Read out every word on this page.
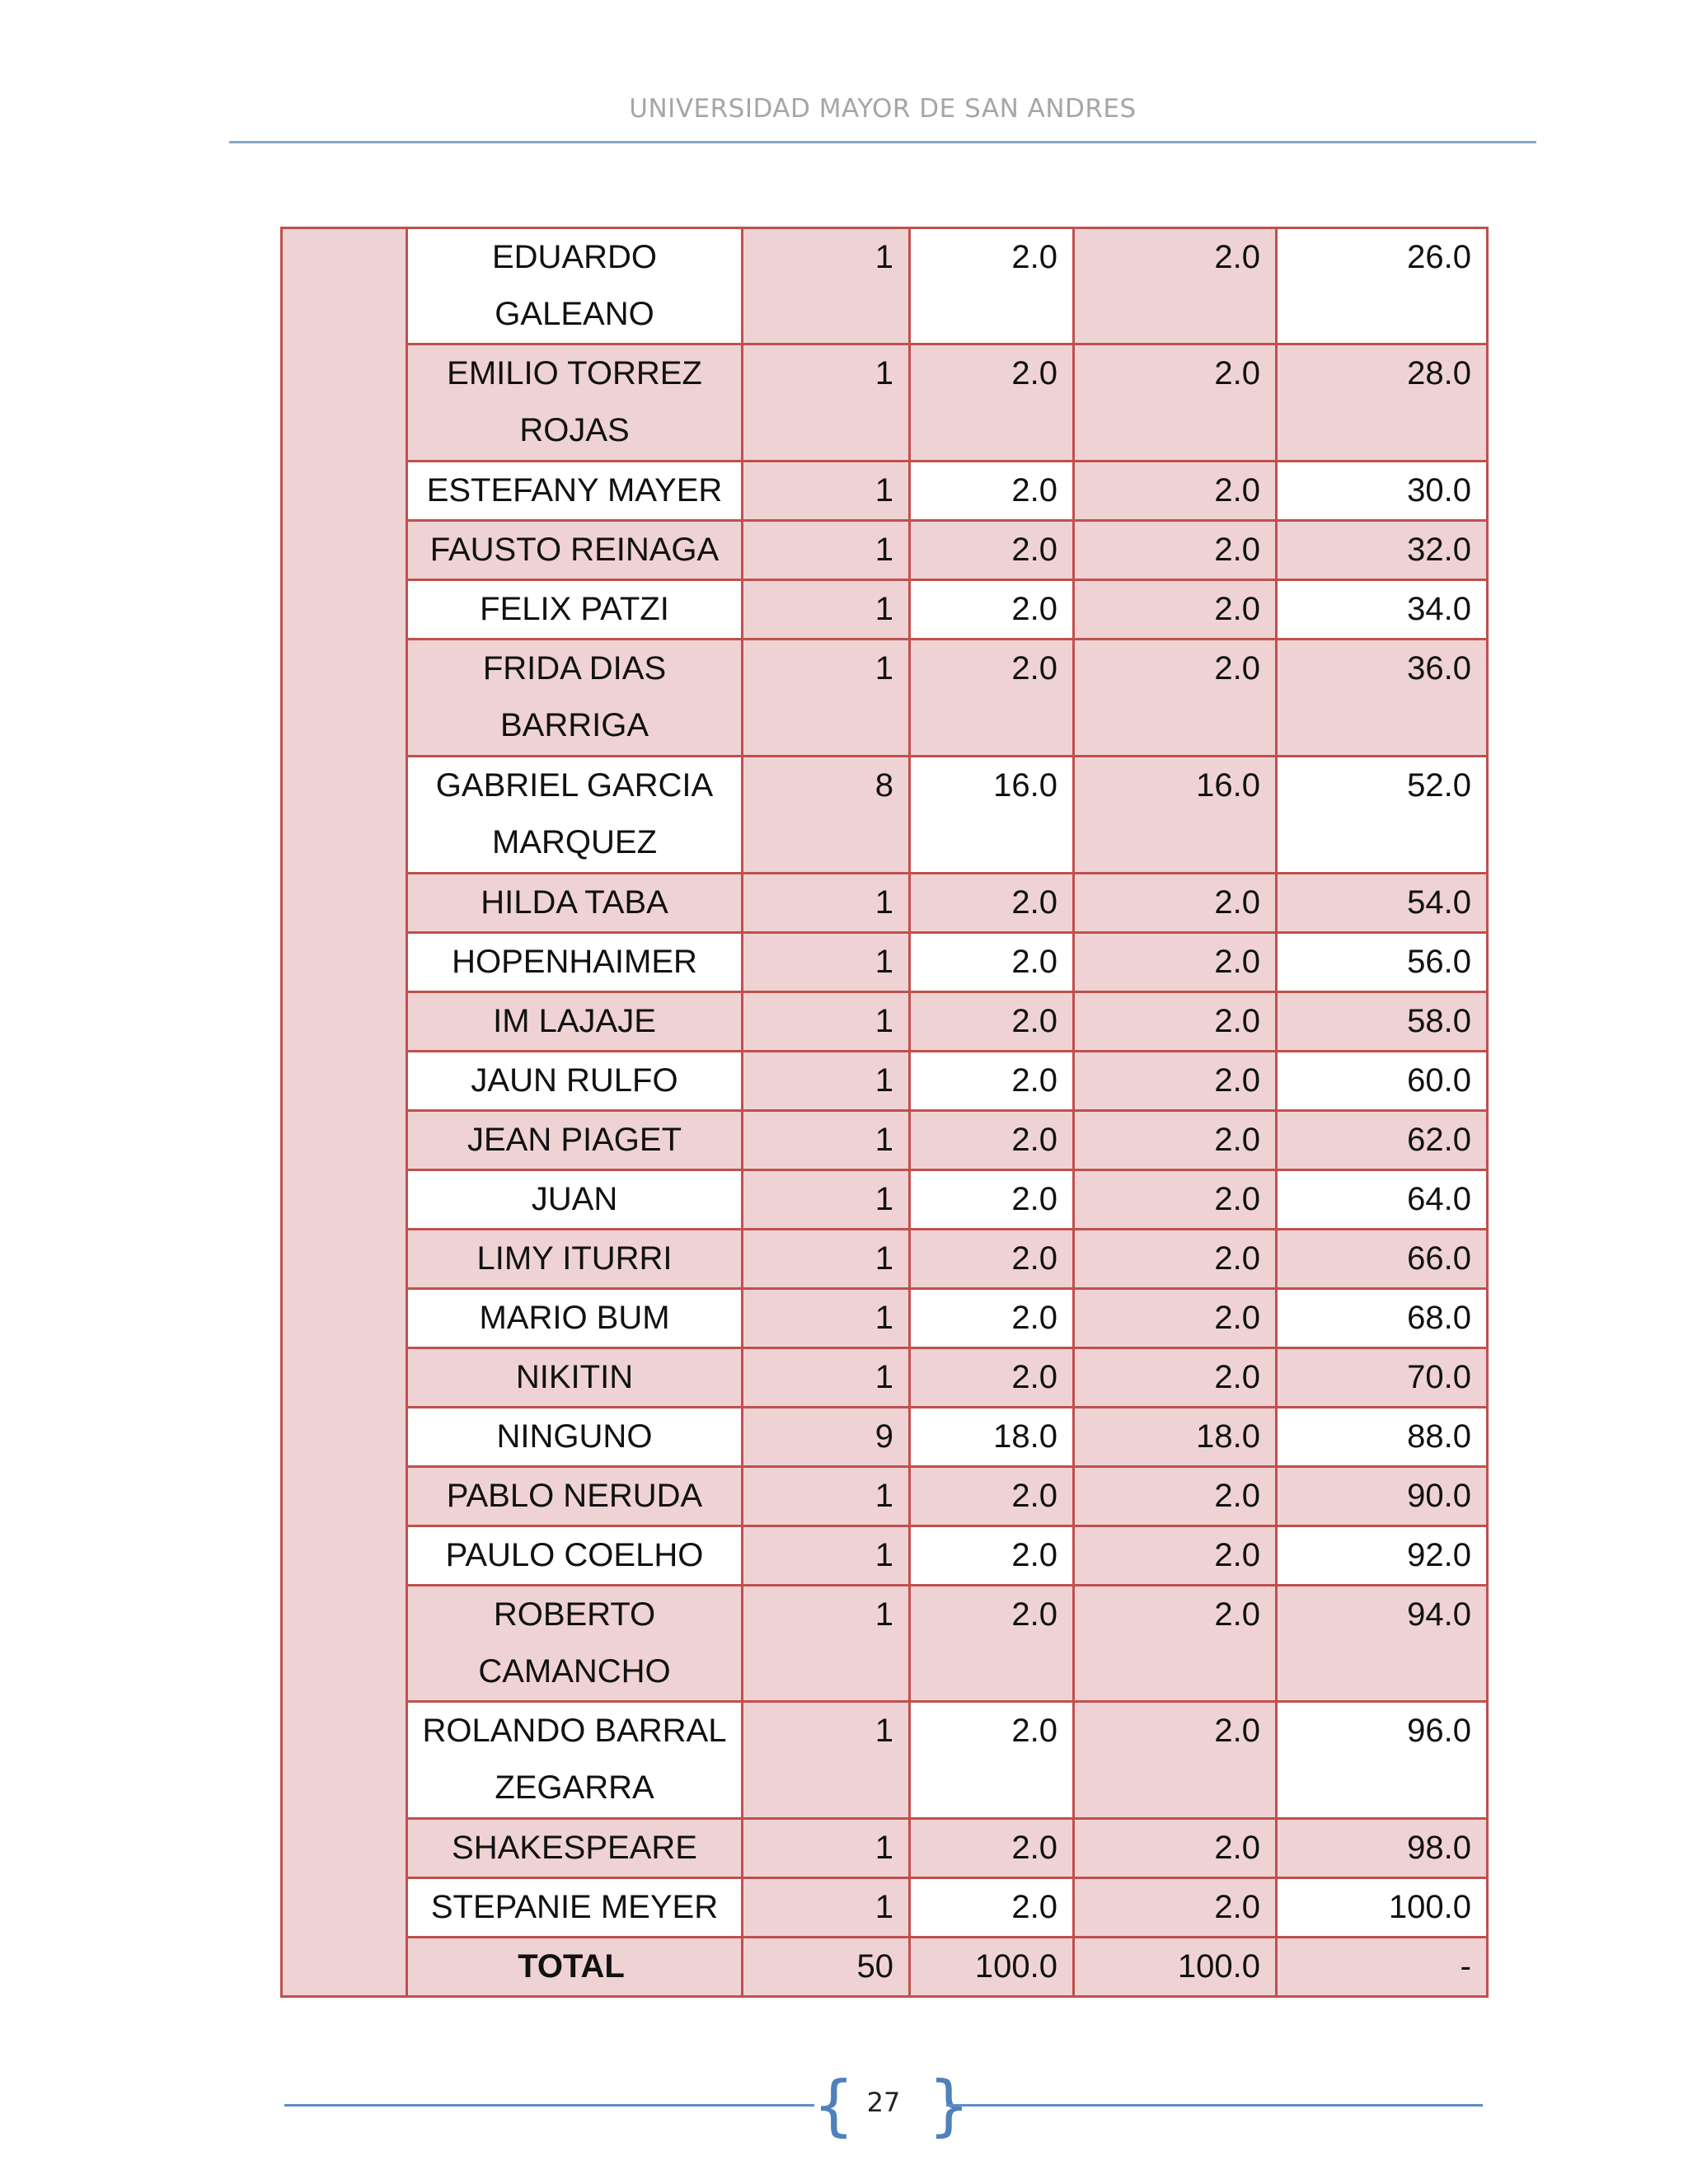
UNIVERSIDAD MAYOR DE SAN ANDRES
	EDUARDO GALEANO	1	2.0	2.0	26.0
	EMILIO TORREZ ROJAS	1	2.0	2.0	28.0
	ESTEFANY MAYER	1	2.0	2.0	30.0
	FAUSTO REINAGA	1	2.0	2.0	32.0
	FELIX PATZI	1	2.0	2.0	34.0
	FRIDA DIAS BARRIGA	1	2.0	2.0	36.0
	GABRIEL GARCIA MARQUEZ	8	16.0	16.0	52.0
	HILDA TABA	1	2.0	2.0	54.0
	HOPENHAIMER	1	2.0	2.0	56.0
	IM LAJAJE	1	2.0	2.0	58.0
	JAUN RULFO	1	2.0	2.0	60.0
	JEAN PIAGET	1	2.0	2.0	62.0
	JUAN	1	2.0	2.0	64.0
	LIMY ITURRI	1	2.0	2.0	66.0
	MARIO BUM	1	2.0	2.0	68.0
	NIKITIN	1	2.0	2.0	70.0
	NINGUNO	9	18.0	18.0	88.0
	PABLO NERUDA	1	2.0	2.0	90.0
	PAULO COELHO	1	2.0	2.0	92.0
	ROBERTO CAMANCHO	1	2.0	2.0	94.0
	ROLANDO BARRAL ZEGARRA	1	2.0	2.0	96.0
	SHAKESPEARE	1	2.0	2.0	98.0
	STEPANIE MEYER	1	2.0	2.0	100.0
	TOTAL	50	100.0	100.0	-
{ 27 }
